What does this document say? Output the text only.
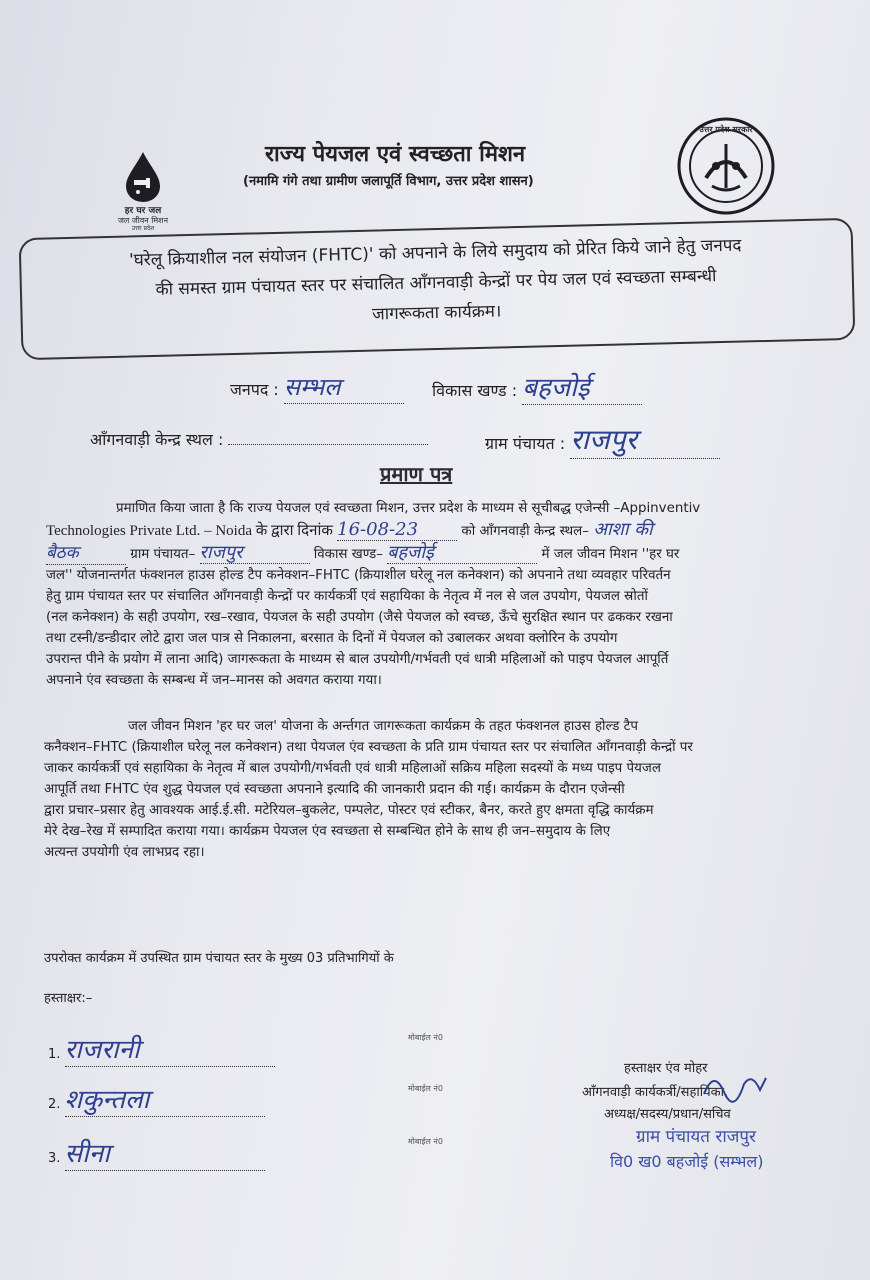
हर घर जल
जल जीवन मिशन
उत्तर प्रदेश
राज्य पेयजल एवं स्वच्छता मिशन
(नमामि गंगे तथा ग्रामीण जलापूर्ति विभाग, उत्तर प्रदेश शासन)
उत्तर प्रदेश सरकार
'घरेलू क्रियाशील नल संयोजन (FHTC)' को अपनाने के लिये समुदाय को प्रेरित किये जाने हेतु जनपद
की समस्त ग्राम पंचायत स्तर पर संचालित आँगनवाड़ी केन्द्रों पर पेय जल एवं स्वच्छता सम्बन्धी
जागरूकता कार्यक्रम।
जनपद : सम्भल	विकास खण्ड : बहजोई
आँगनवाड़ी केन्द्र स्थल :	ग्राम पंचायत : राजपुर
प्रमाण पत्र
प्रमाणित किया जाता है कि राज्य पेयजल एवं स्वच्छता मिशन, उत्तर प्रदेश के माध्यम से सूचीबद्ध एजेन्सी –Appinventiv
Technologies Private Ltd. – Noida के द्वारा दिनांक 16-08-23	को आँगनवाड़ी केन्द्र स्थल– आशा की
बैठक	ग्राम पंचायत– राजपुर	विकास खण्ड– बहजोई	में जल जीवन मिशन ''हर घर
जल'' योजनान्तर्गत फंक्शनल हाउस होल्ड टैप कनेक्शन–FHTC (क्रियाशील घरेलू नल कनेक्शन) को अपनाने तथा व्यवहार परिवर्तन
हेतु ग्राम पंचायत स्तर पर संचालित आँगनवाड़ी केन्द्रों पर कार्यकर्त्री एवं सहायिका के नेतृत्व में नल से जल उपयोग, पेयजल स्रोतों
(नल कनेक्शन) के सही उपयोग, रख–रखाव, पेयजल के सही उपयोग (जैसे पेयजल को स्वच्छ, ऊँचे सुरक्षित स्थान पर ढककर रखना
तथा टस्नी/डन्डीदार लोटे द्वारा जल पात्र से निकालना, बरसात के दिनों में पेयजल को उबालकर अथवा क्लोरिन के उपयोग
उपरान्त पीने के प्रयोग में लाना आदि) जागरूकता के माध्यम से बाल उपयोगी/गर्भवती एवं धात्री महिलाओं को पाइप पेयजल आपूर्ति
अपनाने एंव स्वच्छता के सम्बन्ध में जन–मानस को अवगत कराया गया।
जल जीवन मिशन 'हर घर जल' योजना के अर्न्तगत जागरूकता कार्यक्रम के तहत फंक्शनल हाउस होल्ड टैप
कनैक्शन–FHTC (क्रियाशील घरेलू नल कनेक्शन) तथा पेयजल एंव स्वच्छता के प्रति ग्राम पंचायत स्तर पर संचालित आँगनवाड़ी केन्द्रों पर
जाकर कार्यकर्त्री एवं सहायिका के नेतृत्व में बाल उपयोगी/गर्भवती एवं धात्री महिलाओं सक्रिय महिला सदस्यों के मध्य पाइप पेयजल
आपूर्ति तथा FHTC एंव शुद्ध पेयजल एवं स्वच्छता अपनाने इत्यादि की जानकारी प्रदान की गई। कार्यक्रम के दौरान एजेन्सी
द्वारा प्रचार–प्रसार हेतु आवश्यक आई.ई.सी. मटेरियल–बुकलेट, पम्पलेट, पोस्टर एवं स्टीकर, बैनर, करते हुए क्षमता वृद्धि कार्यक्रम
मेरे देख–रेख में सम्पादित कराया गया। कार्यक्रम पेयजल एंव स्वच्छता से सम्बन्धित होने के साथ ही जन–समुदाय के लिए
अत्यन्त उपयोगी एंव लाभप्रद रहा।
उपरोक्त कार्यक्रम में उपस्थित ग्राम पंचायत स्तर के मुख्य 03 प्रतिभागियों के
हस्ताक्षर:–
1. राजरानी	मोबाईल नं0
2. शकुन्तला	मोबाईल नं0
3. सीना	मोबाईल नं0
हस्ताक्षर एंव मोहर
आँगनवाड़ी कार्यकर्त्री/सहायिका.
अध्यक्ष/सदस्य/प्रधान/सचिव
ग्राम पंचायत राजपुर
वि0 ख0 बहजोई (सम्भल)
